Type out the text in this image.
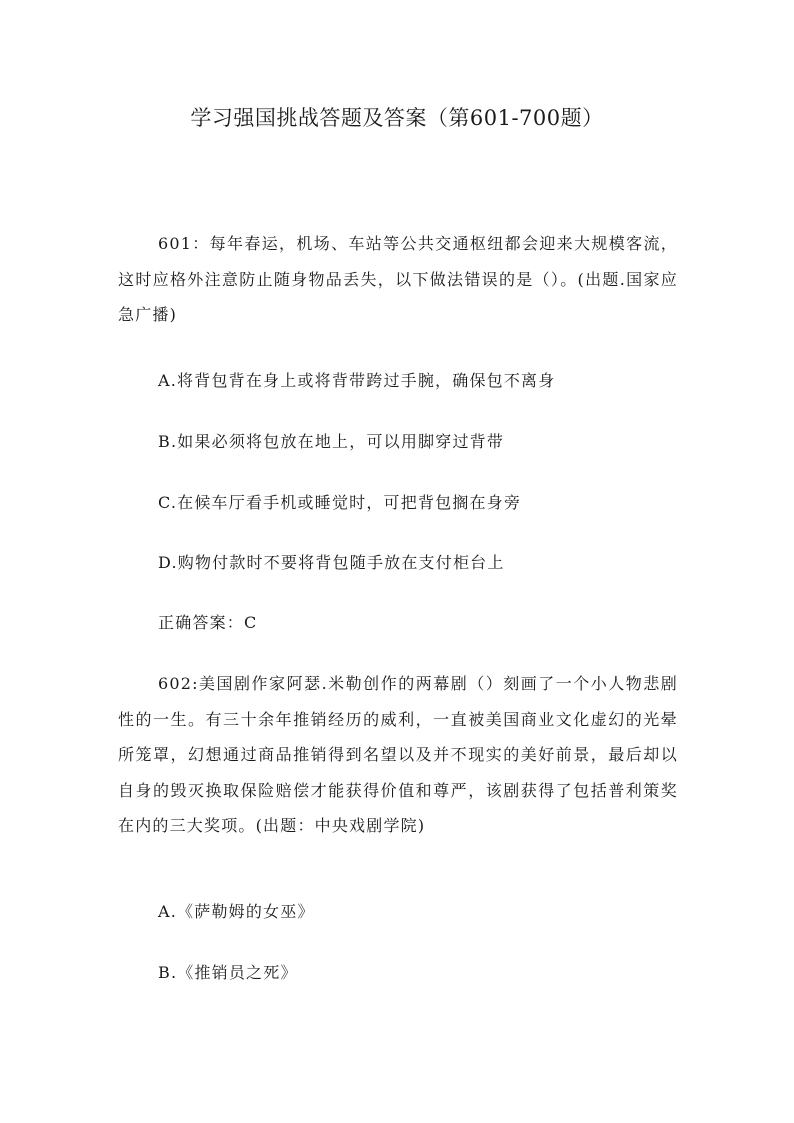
学习强国挑战答题及答案（第601-700题）
601：每年春运，机场、车站等公共交通枢纽都会迎来大规模客流，这时应格外注意防止随身物品丢失，以下做法错误的是（）。(出题.国家应急广播)
A.将背包背在身上或将背带跨过手腕，确保包不离身
B.如果必须将包放在地上，可以用脚穿过背带
C.在候车厅看手机或睡觉时，可把背包搁在身旁
D.购物付款时不要将背包随手放在支付柜台上
正确答案：C
602:美国剧作家阿瑟.米勒创作的两幕剧（）刻画了一个小人物悲剧性的一生。有三十余年推销经历的威利，一直被美国商业文化虚幻的光晕所笼罩，幻想通过商品推销得到名望以及并不现实的美好前景，最后却以自身的毁灭换取保险赔偿才能获得价值和尊严，该剧获得了包括普利策奖在内的三大奖项。(出题：中央戏剧学院)
A.《萨勒姆的女巫》
B.《推销员之死》
